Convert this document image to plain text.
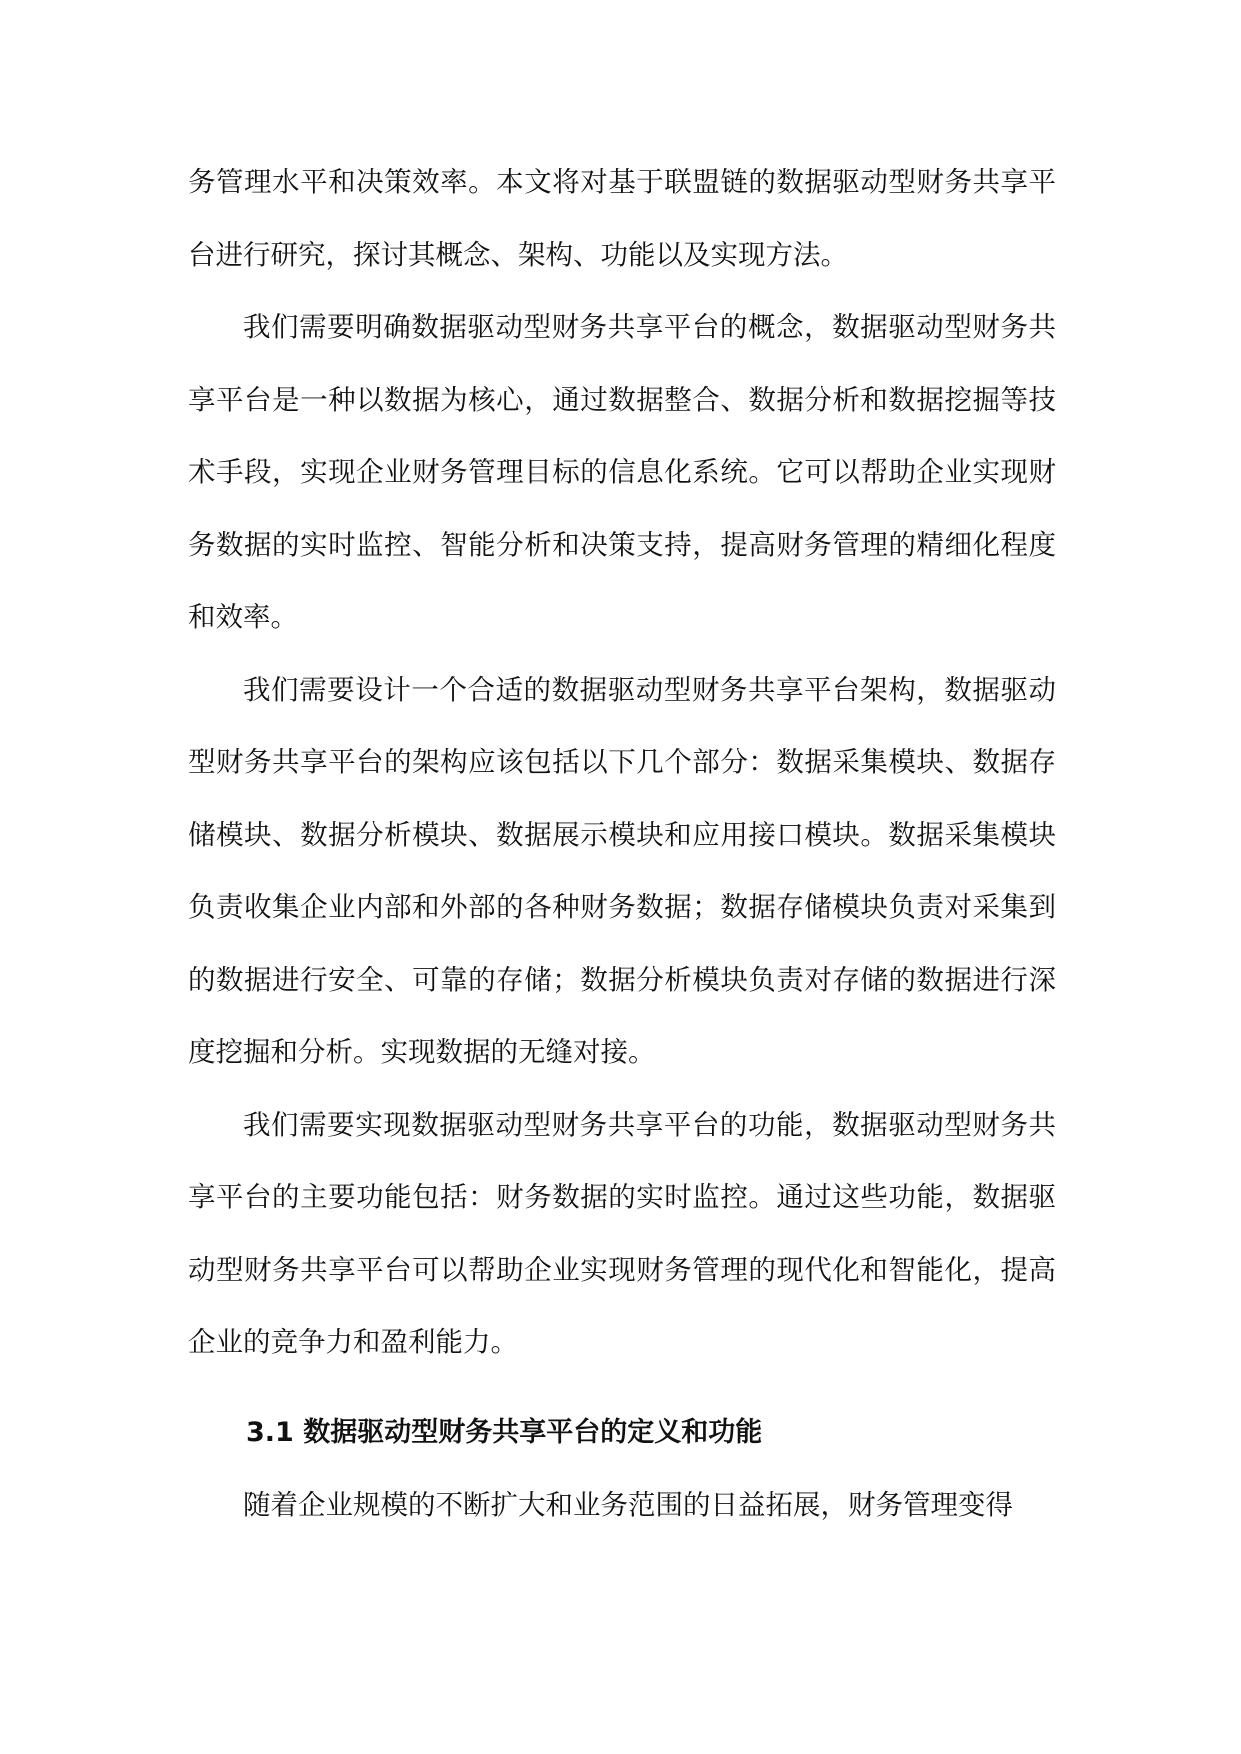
务管理水平和决策效率。本文将对基于联盟链的数据驱动型财务共享平台进行研究，探讨其概念、架构、功能以及实现方法。

我们需要明确数据驱动型财务共享平台的概念，数据驱动型财务共享平台是一种以数据为核心，通过数据整合、数据分析和数据挖掘等技术手段，实现企业财务管理目标的信息化系统。它可以帮助企业实现财务数据的实时监控、智能分析和决策支持，提高财务管理的精细化程度和效率。

我们需要设计一个合适的数据驱动型财务共享平台架构，数据驱动型财务共享平台的架构应该包括以下几个部分：数据采集模块、数据存储模块、数据分析模块、数据展示模块和应用接口模块。数据采集模块负责收集企业内部和外部的各种财务数据；数据存储模块负责对采集到的数据进行安全、可靠的存储；数据分析模块负责对存储的数据进行深度挖掘和分析。实现数据的无缝对接。

我们需要实现数据驱动型财务共享平台的功能，数据驱动型财务共享平台的主要功能包括：财务数据的实时监控。通过这些功能，数据驱动型财务共享平台可以帮助企业实现财务管理的现代化和智能化，提高企业的竞争力和盈利能力。

3.1 数据驱动型财务共享平台的定义和功能

随着企业规模的不断扩大和业务范围的日益拓展，财务管理变得
